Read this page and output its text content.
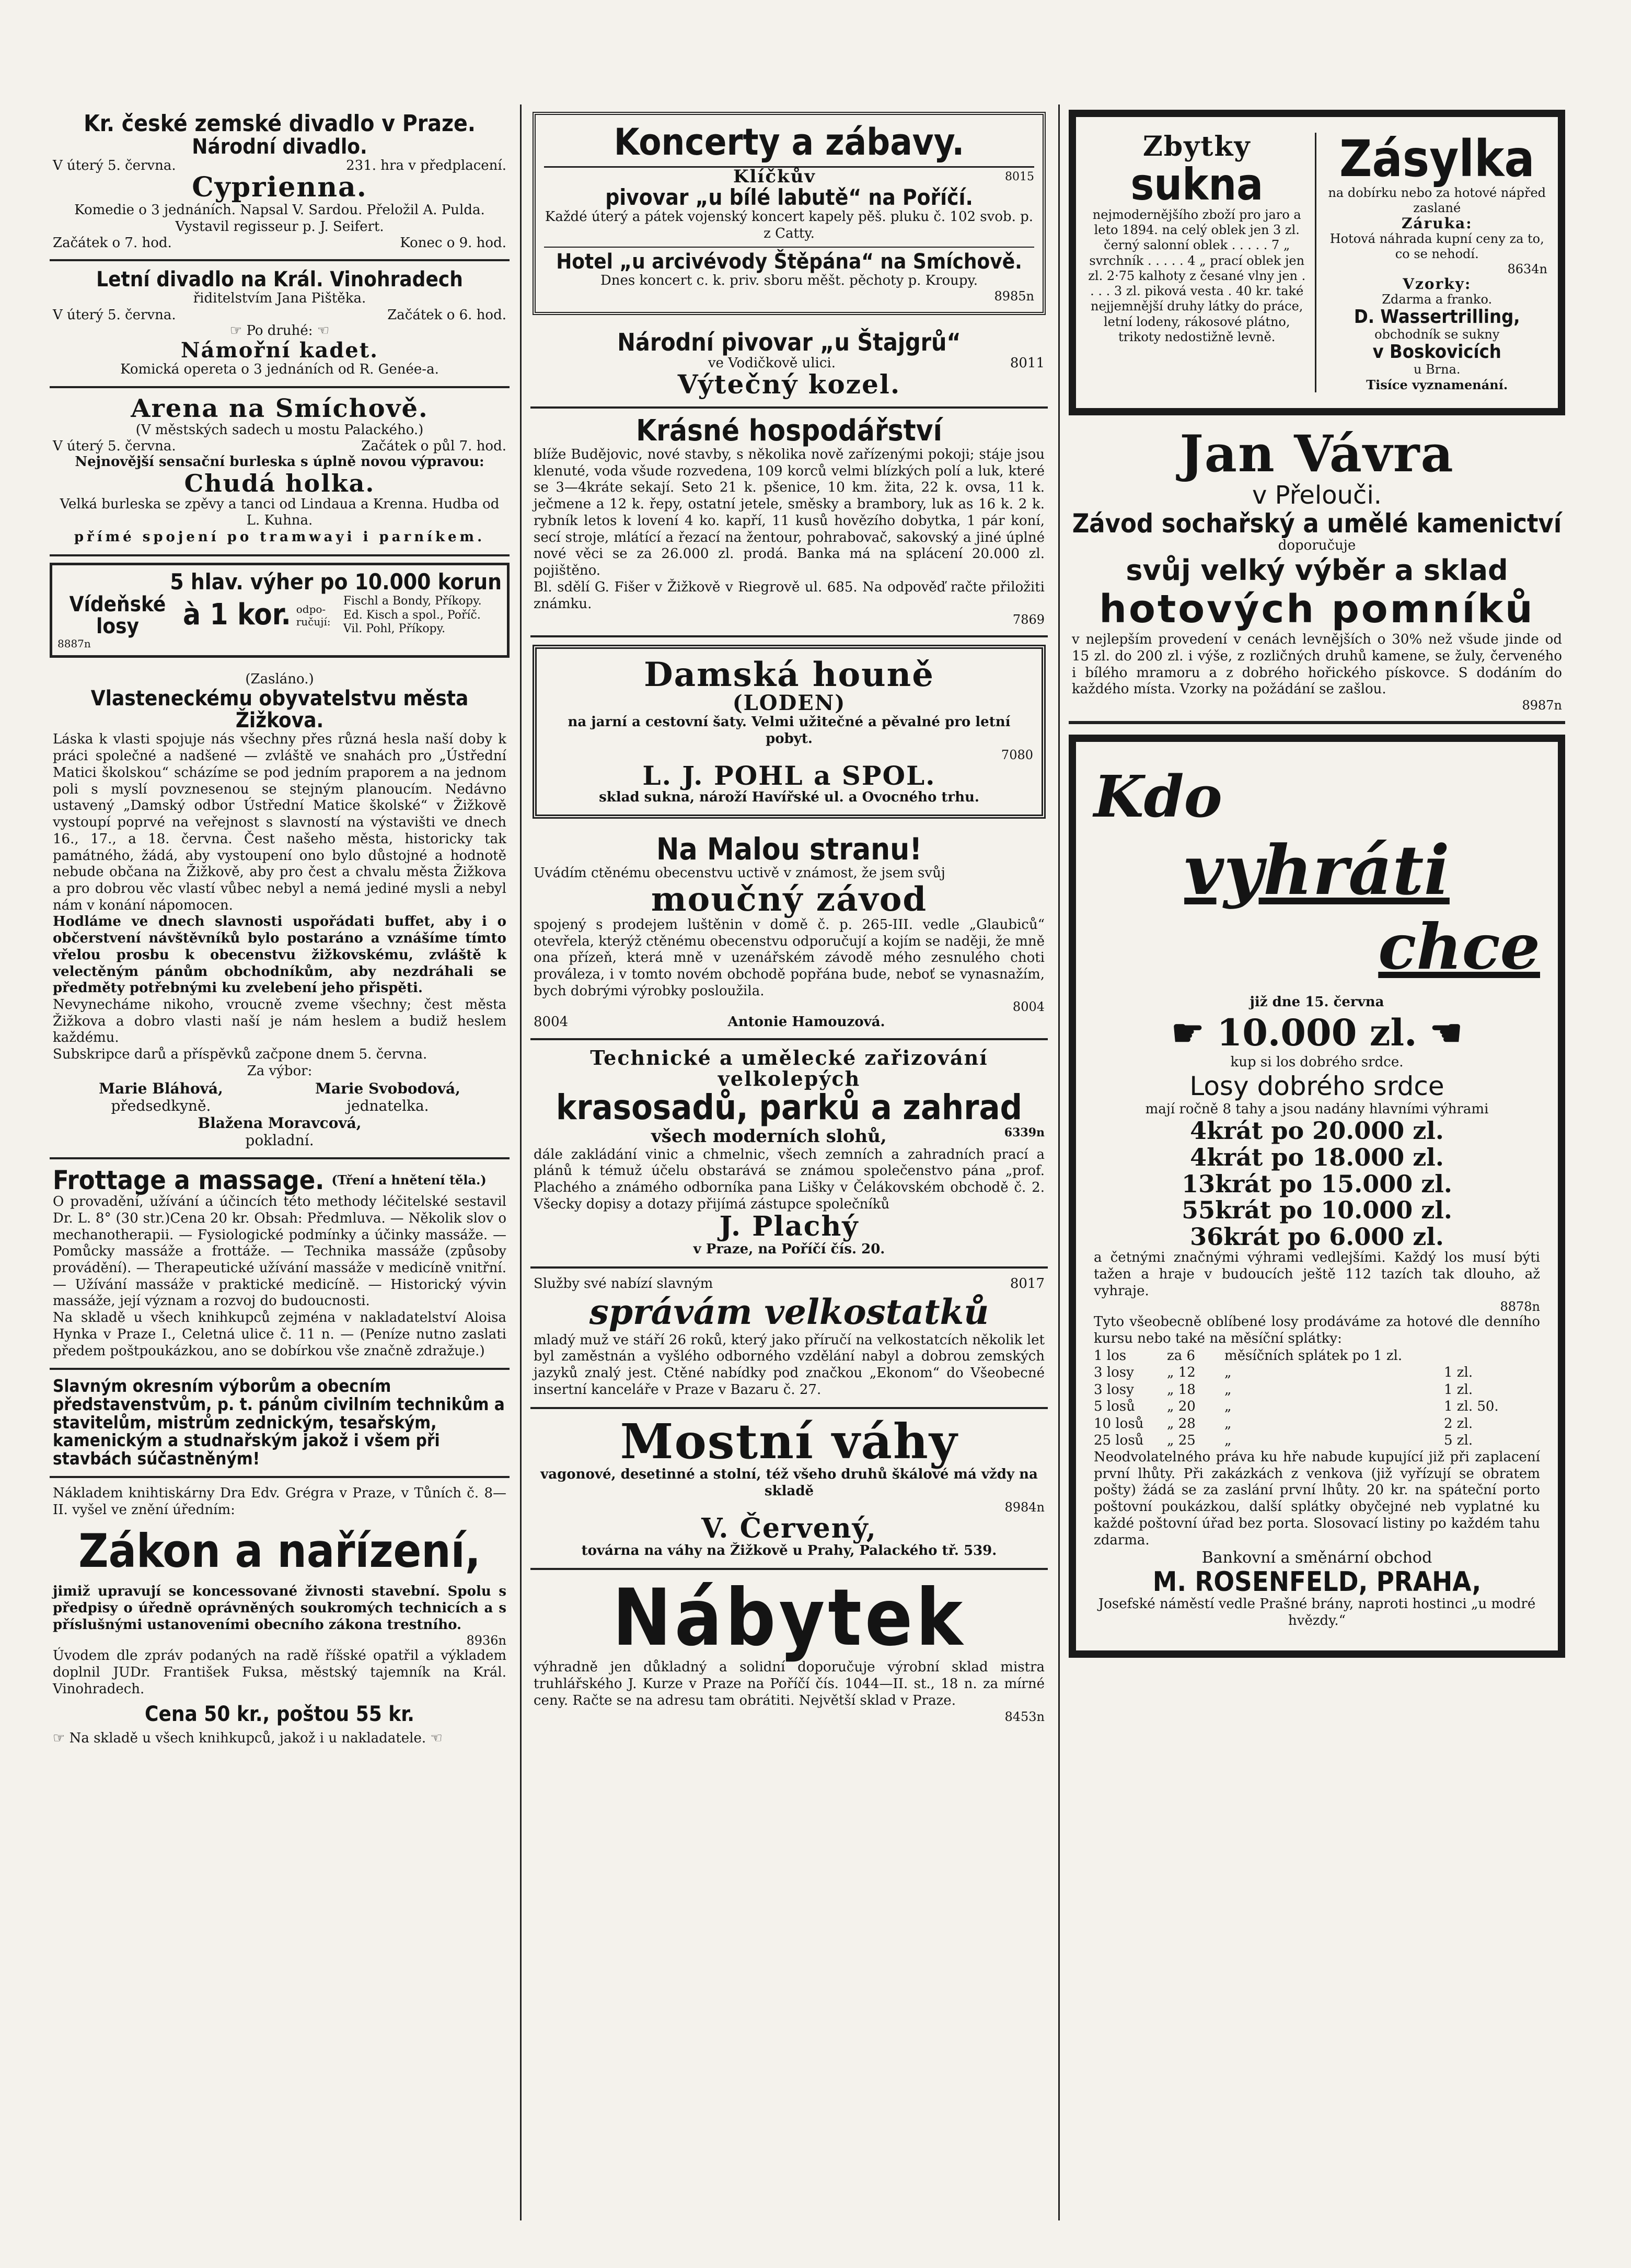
Kr. české zemské divadlo v Praze.
Národní divadlo.
V úterý 5. června.	231. hra v předplacení.
Cyprienna.
Komedie o 3 jednáních. Napsal V. Sardou. Přeložil A. Pulda. Vystavil regisseur p. J. Seifert.
Začátek o 7. hod.	Konec o 9. hod.
Letní divadlo na Král. Vinohradech
řiditelstvím Jana Pištěka.
V úterý 5. června.	Začátek o 6. hod.
☞ Po druhé: ☜
Námořní kadet.
Komická opereta o 3 jednáních od R. Genée-a.
Arena na Smíchově.
(V městských sadech u mostu Palackého.)
V úterý 5. června.	Začátek o půl 7. hod.
Nejnovější sensační burleska s úplně novou výpravou:
Chudá holka.
Velká burleska se zpěvy a tanci od Lindaua a Krenna. Hudba od L. Kuhna.
přímé spojení po tramwayi i parníkem.
5 hlav. výher po 10.000 korun
Vídeňské losy	à 1 kor. odpo-ručují:
Fischl a Bondy, Příkopy.
Ed. Kisch a spol., Poříč.
Vil. Pohl, Příkopy.
8887n
(Zasláno.)
Vlasteneckému obyvatelstvu města Žižkova.
Láska k vlasti spojuje nás všechny přes různá hesla naší doby k práci společné a nadšené — zvláště ve snahách pro „Ústřední Matici školskou“ scházíme se pod jedním praporem a na jednom poli s myslí povznesenou se stejným planoucím. Nedávno ustavený „Damský odbor Ústřední Matice školské“ v Žižkově vystoupí poprvé na veřejnost s slavností na výstavišti ve dnech 16., 17., a 18. června. Čest našeho města, historicky tak památného, žádá, aby vystoupení ono bylo důstojné a hodnotě nebude občana na Žižkově, aby pro čest a chvalu města Žižkova a pro dobrou věc vlastí vůbec nebyl a nemá jediné mysli a nebyl nám v konání nápomocen.
Hodláme ve dnech slavnosti uspořádati buffet, aby i o občerstvení návštěvníků bylo postaráno a vznášíme tímto vřelou prosbu k obecenstvu žižkovskému, zvláště k velectěným pánům obchodníkům, aby nezdráhali se předměty potřebnými ku zvelebení jeho přispěti.
Nevynecháme nikoho, vroucně zveme všechny; čest města Žižkova a dobro vlasti naší je nám heslem a budiž heslem každému.
Subskripce darů a příspěvků začpone dnem 5. června.
Za výbor:
Marie Bláhová,
předsedkyně.
Marie Svobodová,
jednatelka.
Blažena Moravcová,
pokladní.
Frottage a massage. (Tření a hnětení těla.)
O provadění, užívání a účincích této methody léčitelské sestavil Dr. L. 8° (30 str.)Cena 20 kr. Obsah: Předmluva. — Několik slov o mechanotherapii. — Fysiologické podmínky a účinky massáže. — Pomůcky massáže a frottáže. — Technika massáže (způsoby provádění). — Therapeutické užívání massáže v medicíně vnitřní. — Užívání massáže v praktické medicíně. — Historický vývin massáže, její význam a rozvoj do budoucnosti.
Na skladě u všech knihkupců zejména v nakladatelství Aloisa Hynka v Praze I., Celetná ulice č. 11 n. — (Peníze nutno zaslati předem poštpoukázkou, ano se dobírkou vše značně zdražuje.)
Slavným okresním výborům a obecním představenstvům, p. t. pánům civilním technikům a stavitelům, mistrům zednickým, tesařským, kamenickým a studnařským jakož i všem při stavbách súčastněným!
Nákladem knihtiskárny Dra Edv. Grégra v Praze, v Tůních č. 8—II. vyšel ve znění úředním:
Zákon a nařízení,
jimiž upravují se koncessované živnosti stavební. Spolu s předpisy o úředně oprávněných soukromých technicích a s příslušnými ustanoveními obecního zákona trestního.
8936n
Úvodem dle zpráv podaných na radě říšské opatřil a výkladem doplnil JUDr. František Fuksa, městský tajemník na Král. Vinohradech.
Cena 50 kr., poštou 55 kr.
☞ Na skladě u všech knihkupců, jakož i u nakladatele. ☜
Koncerty a zábavy.
Klíčkův	8015
pivovar „u bílé labutě“ na Poříčí.
Každé úterý a pátek vojenský koncert kapely pěš. pluku č. 102 svob. p. z Catty.
Hotel „u arcivévody Štěpána“ na Smíchově.
Dnes koncert c. k. priv. sboru měšt. pěchoty p. Kroupy.
8985n
Národní pivovar „u Štajgrů“
ve Vodičkově ulici.	8011
Výtečný kozel.
Krásné hospodářství
blíže Budějovic, nové stavby, s několika nově zařízenými pokoji; stáje jsou klenuté, voda všude rozvedena, 109 korců velmi blízkých polí a luk, které se 3—4kráte sekají. Seto 21 k. pšenice, 10 km. žita, 22 k. ovsa, 11 k. ječmene a 12 k. řepy, ostatní jetele, směsky a brambory, luk as 16 k. 2 k. rybník letos k lovení 4 ko. kapří, 11 kusů hovězího dobytka, 1 pár koní, secí stroje, mlátící a řezací na žentour, pohrabovač, sakovský a jiné úplné nové věci se za 26.000 zl. prodá. Banka má na splácení 20.000 zl. pojištěno.
Bl. sdělí G. Fišer v Žižkově v Riegrově ul. 685. Na odpověď račte přiložiti známku.
7869
Damská houně
(LODEN)
na jarní a cestovní šaty. Velmi užitečné a pěvalné pro letní pobyt.
7080
L. J. POHL a SPOL.
sklad sukna, nároží Havířské ul. a Ovocného trhu.
Na Malou stranu!
Uvádím ctěnému obecenstvu uctivě v známost, že jsem svůj
moučný závod
spojený s prodejem luštěnin v domě č. p. 265-III. vedle „Glaubiců“ otevřela, kterýž ctěnému obecenstvu odporučují a kojím se naději, že mně ona přízeň, která mně v uzenářském závodě mého zesnulého choti prováleza, i v tomto novém obchodě popřána bude, neboť se vynasnažím, bych dobrými výrobky posloužila.
8004
8004	Antonie Hamouzová.
Technické a umělecké zařizování velkolepých
krasosadů, parků a zahrad
všech moderních slohů,	6339n
dále zakládání vinic a chmelnic, všech zemních a zahradních prací a plánů k témuž účelu obstarává se známou společenstvo pána „prof. Plachého a známého odborníka pana Lišky v Čelákovském obchodě č. 2. Všecky dopisy a dotazy přijímá zástupce společníků
J. Plachý
v Praze, na Poříčí čís. 20.
Služby své nabízí slavným	8017
správám velkostatků
mladý muž ve stáří 26 roků, který jako příručí na velkostatcích několik let byl zaměstnán a vyšlého odborného vzdělání nabyl a dobrou zemských jazyků znalý jest. Ctěné nabídky pod značkou „Ekonom“ do Všeobecné insertní kanceláře v Praze v Bazaru č. 27.
Mostní váhy
vagonové, desetinné a stolní, též všeho druhů škálové má vždy na skladě
8984n
V. Červený,
továrna na váhy na Žižkově u Prahy, Palackého tř. 539.
Nábytek
výhradně jen důkladný a solidní doporučuje výrobní sklad mistra truhlářského J. Kurze v Praze na Poříčí čís. 1044—II. st., 18 n. za mírné ceny. Račte se na adresu tam obrátiti. Největší sklad v Praze.
8453n
Zbytky
sukna
nejmodernějšího zboží pro jaro a leto 1894. na celý oblek jen 3 zl. černý salonní oblek . . . . . 7 „ svrchník . . . . . 4 „ prací oblek jen zl. 2·75 kalhoty z česané vlny jen . . . . 3 zl. piková vesta . 40 kr. také nejjemnější druhy látky do práce, letní lodeny, rákosové plátno, trikoty nedostižně levně.
Zásylka
na dobírku nebo za hotové nápřed zaslané
Záruka:
Hotová náhrada kupní ceny za to, co se nehodí.
8634n
Vzorky:
Zdarma a franko.
D. Wassertrilling,
obchodník se sukny
v Boskovicích
u Brna.
Tisíce vyznamenání.
Jan Vávra
v Přelouči.
Závod sochařský a umělé kamenictví
doporučuje
svůj velký výběr a sklad
hotových pomníků
v nejlepším provedení v cenách levnějších o 30% než všude jinde od 15 zl. do 200 zl. i výše, z rozličných druhů kamene, se žuly, červeného i bílého mramoru a z dobrého hořického pískovce. S dodáním do každého místa. Vzorky na požádání se zašlou.
8987n
Kdo
vyhráti
chce
již dne 15. června
☛ 10.000 zl. ☚
kup si los dobrého srdce.
Losy dobrého srdce
mají ročně 8 tahy a jsou nadány hlavními výhrami
4krát po 20.000 zl.
4krát po 18.000 zl.
13krát po 15.000 zl.
55krát po 10.000 zl.
36krát po 6.000 zl.
a četnými značnými výhrami vedlejšími. Každý los musí býti tažen a hraje v budoucích ještě 112 tazích tak dlouho, až vyhraje.
8878n
Tyto všeobecně oblíbené losy prodáváme za hotové dle denního kursu nebo také na měsíční splátky:
1 los	za 6	měsíčních splátek po 1 zl.
3 losy	„ 12	„	1 zl.
3 losy	„ 18	„	1 zl.
5 losů	„ 20	„	1 zl. 50.
10 losů	„ 28	„	2 zl.
25 losů	„ 25	„	5 zl.
Neodvolatelného práva ku hře nabude kupující již při zaplacení první lhůty. Při zakázkách z venkova (již vyřízují se obratem pošty) žádá se za zaslání první lhůty. 20 kr. na spáteční porto poštovní poukázkou, další splátky obyčejné neb vyplatné ku každé poštovní úřad bez porta. Slosovací listiny po každém tahu zdarma.
Bankovní a směnární obchod
M. ROSENFELD, PRAHA,
Josefské náměstí vedle Prašné brány, naproti hostinci „u modré hvězdy.“
